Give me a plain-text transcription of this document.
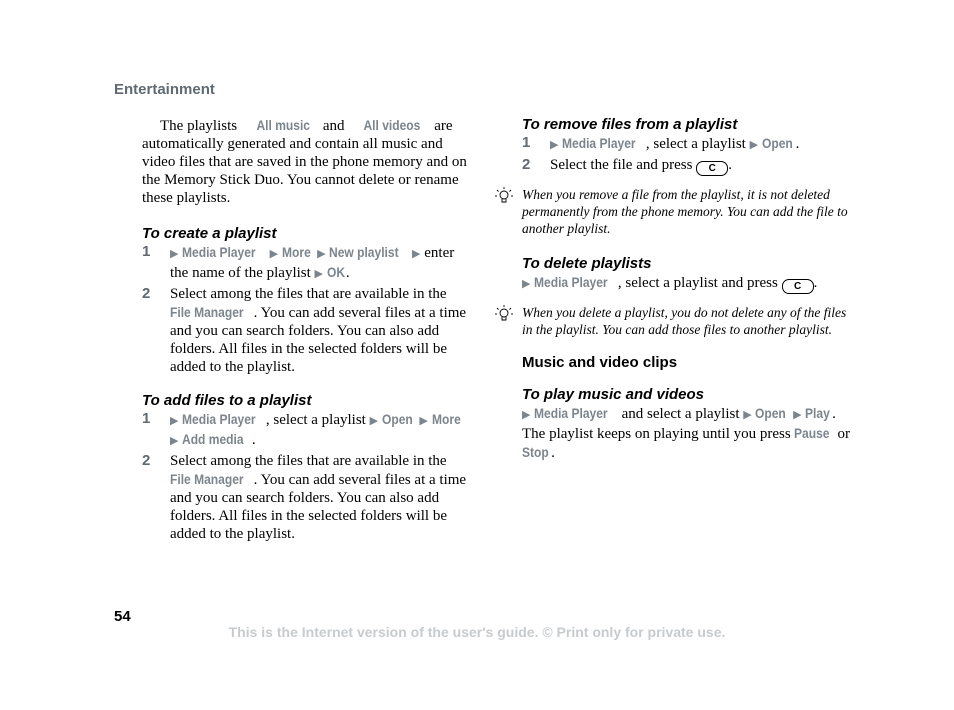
Entertainment

The playlists All music and All videos are automatically generated and contain all music and video files that are saved in the phone memory and on the Memory Stick Duo. You cannot delete or rename these playlists.

To create a playlist
1 ▶ Media Player ▶ More ▶ New playlist ▶ enter the name of the playlist ▶ OK.
2 Select among the files that are available in the File Manager . You can add several files at a time and you can search folders. You can also add folders. All files in the selected folders will be added to the playlist.
To add files to a playlist
1 ▶ Media Player , select a playlist ▶ Open ▶ More ▶ Add media .
2 Select among the files that are available in the File Manager . You can add several files at a time and you can search folders. You can also add folders. All files in the selected folders will be added to the playlist.
To remove files from a playlist
1 ▶ Media Player , select a playlist ▶ Open .
2 Select the file and press C .
When you remove a file from the playlist, it is not deleted permanently from the phone memory. You can add the file to another playlist.
To delete playlists

▶ Media Player , select a playlist and press C .

When you delete a playlist, you do not delete any of the files in the playlist. You can add those files to another playlist.
Music and video clips
To play music and videos

▶ Media Player and select a playlist ▶ Open ▶ Play . The playlist keeps on playing until you press Pause or Stop .

54
This is the Internet version of the user's guide. © Print only for private use.
